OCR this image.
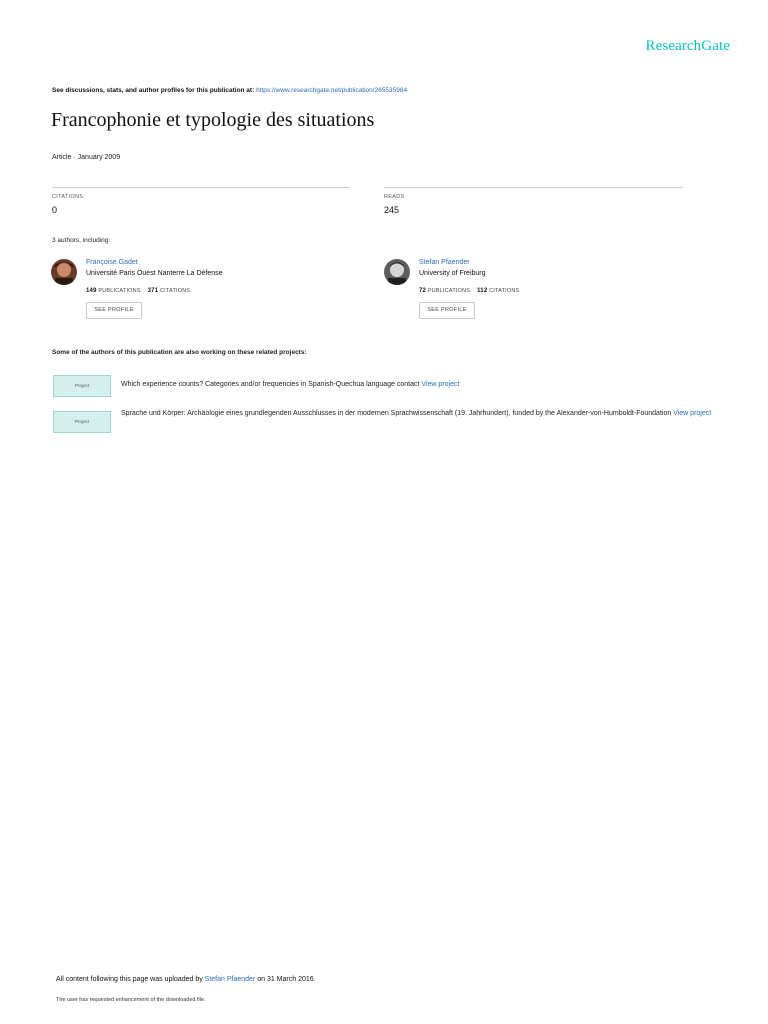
ResearchGate
See discussions, stats, and author profiles for this publication at: https://www.researchgate.net/publication/265535984
Francophonie et typologie des situations
Article · January 2009
CITATIONS
0
READS
245
3 authors, including:
Françoise Gadet
Université Paris Ouest Nanterre La Défense
149 PUBLICATIONS 371 CITATIONS
SEE PROFILE
Stefan Pfaender
University of Freiburg
72 PUBLICATIONS 112 CITATIONS
SEE PROFILE
Some of the authors of this publication are also working on these related projects:
Project	Which experience counts? Categories and/or frequencies in Spanish-Quechua language contact View project
Project
Sprache und Körper: Archäologie eines grundlegenden Ausschlusses in der modernen Sprachwissenschaft (19. Jahrhundert), funded by the Alexander-von-Humboldt-Foundation View project
All content following this page was uploaded by Stefan Pfaender on 31 March 2016.
The user has requested enhancement of the downloaded file.
